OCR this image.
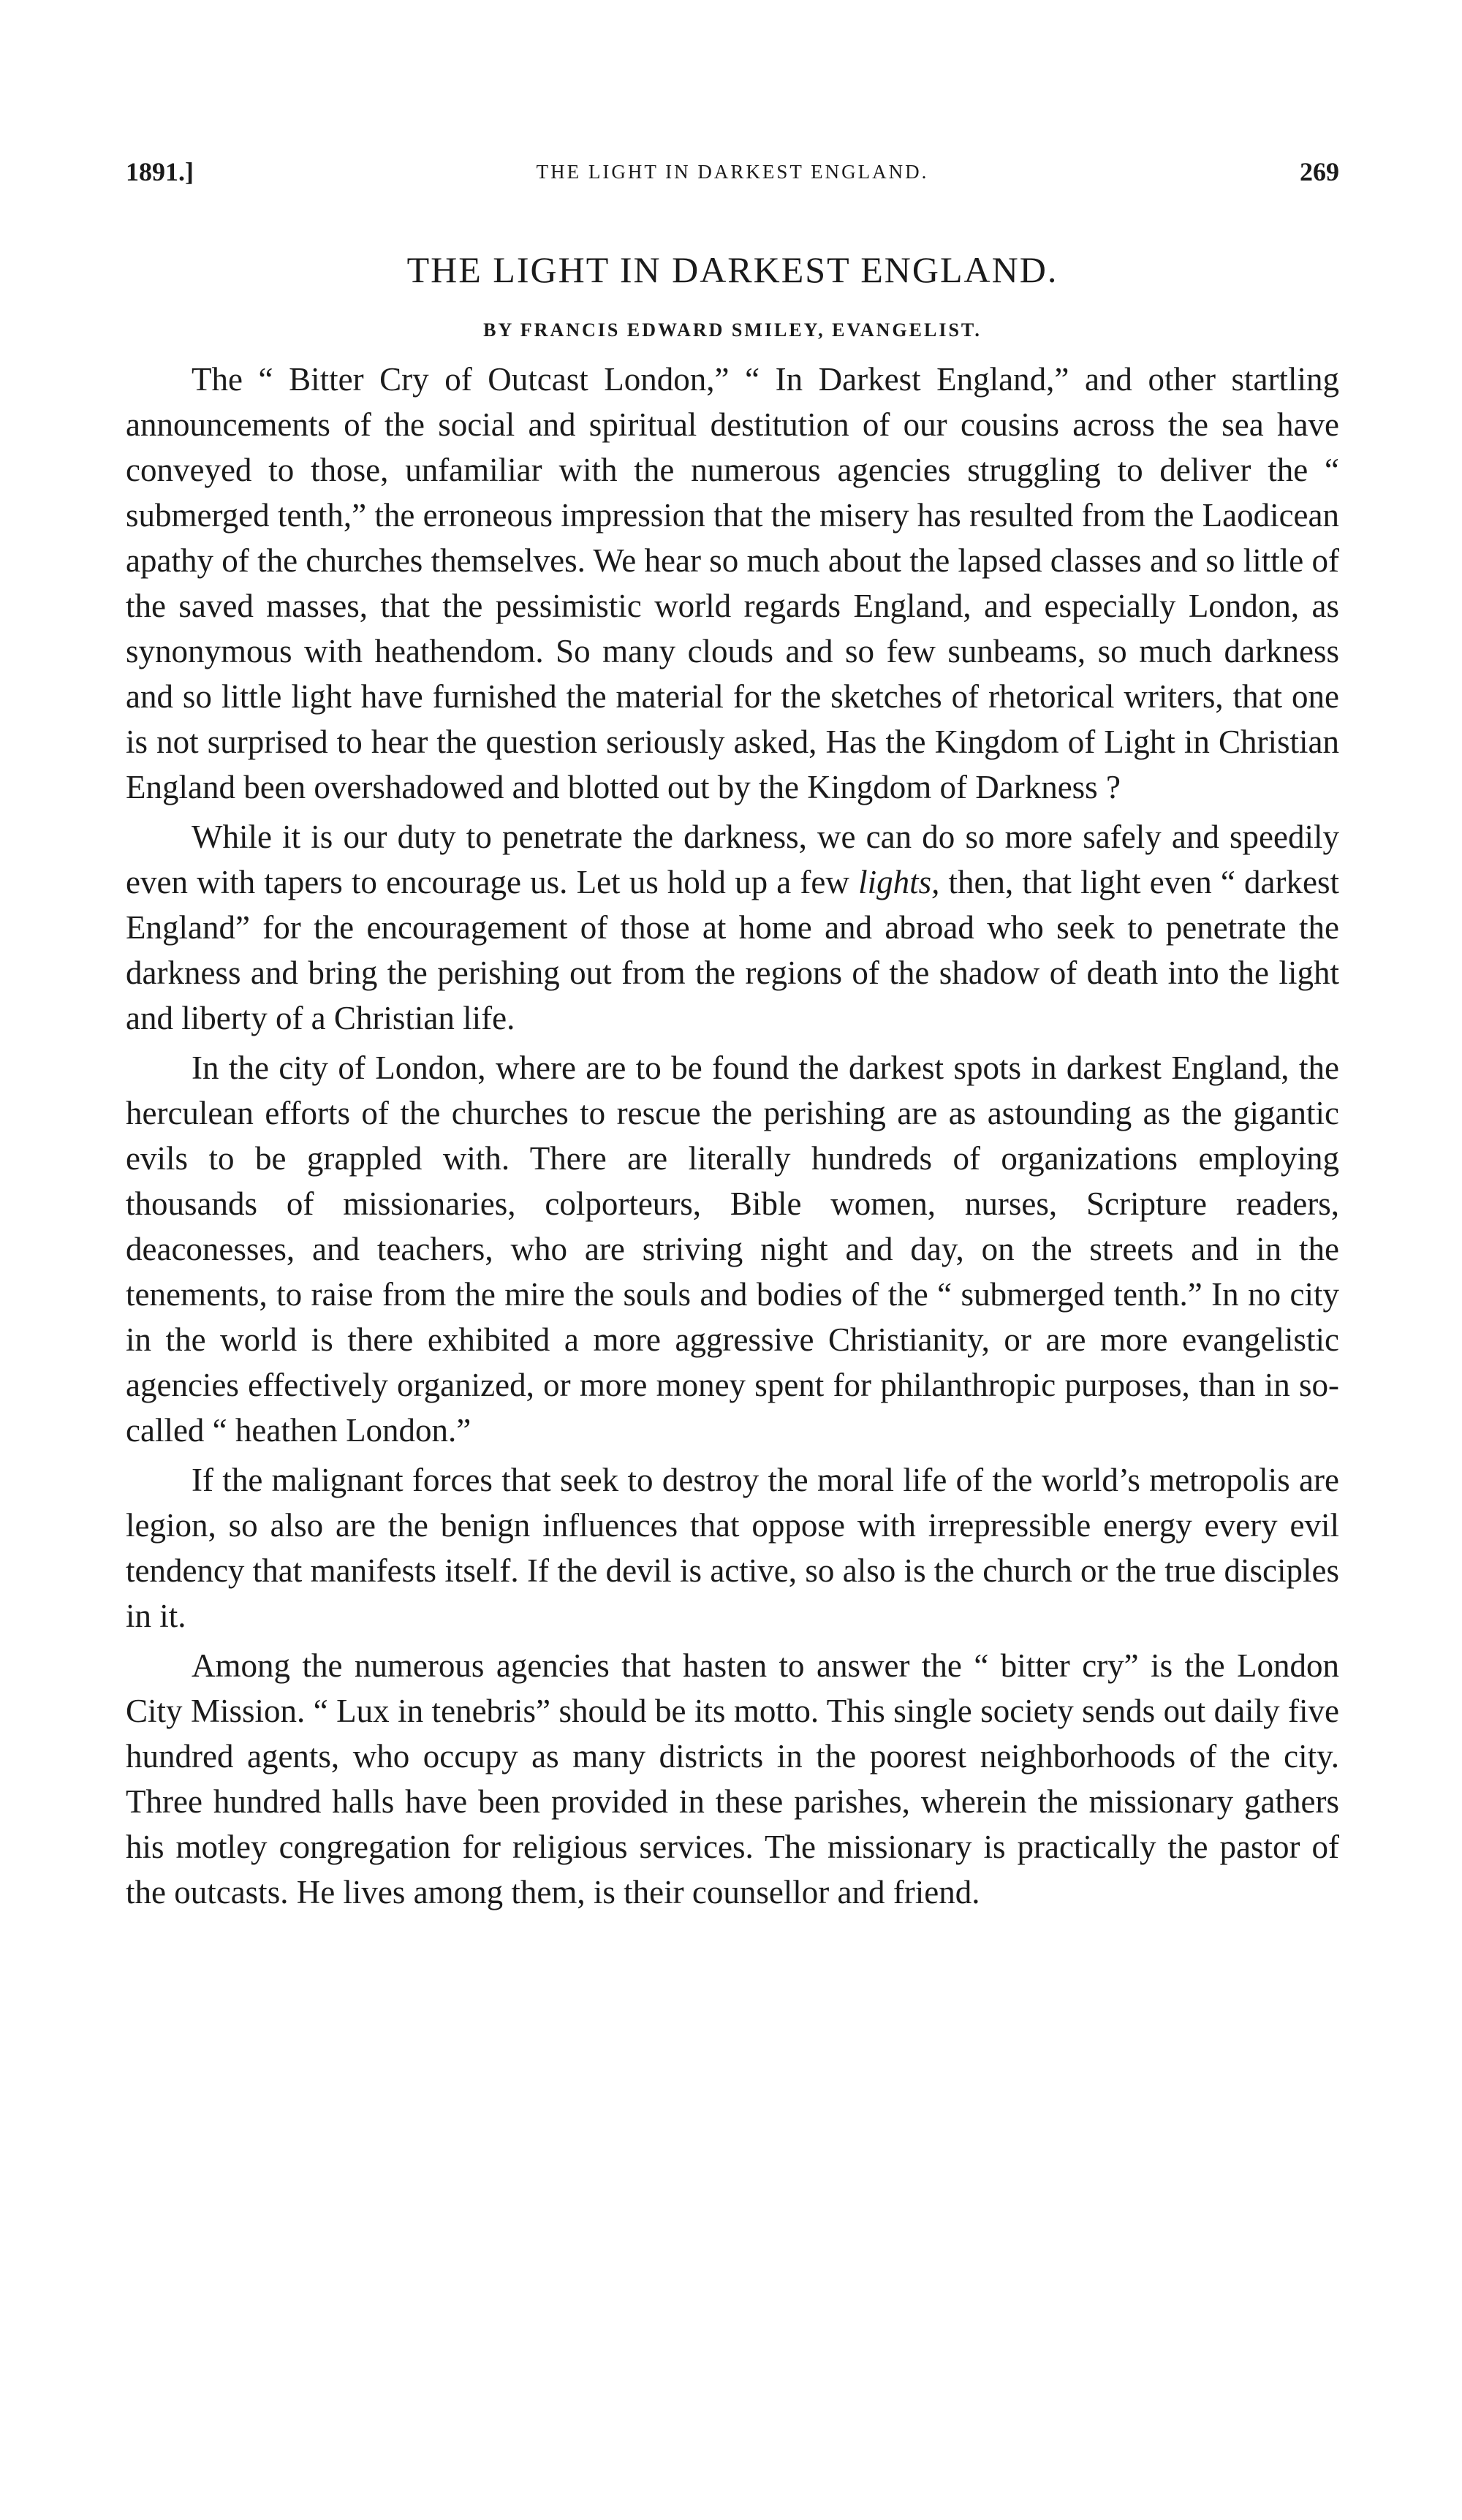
1891.]	THE LIGHT IN DARKEST ENGLAND.	269
THE LIGHT IN DARKEST ENGLAND.
BY FRANCIS EDWARD SMILEY, EVANGELIST.

The “ Bitter Cry of Outcast London,” “ In Darkest England,” and other startling announcements of the social and spiritual destitution of our cousins across the sea have conveyed to those, unfamiliar with the numerous agencies struggling to deliver the “ submerged tenth,” the erroneous impression that the misery has resulted from the Laodicean apathy of the churches themselves. We hear so much about the lapsed classes and so little of the saved masses, that the pessimistic world regards England, and especially London, as synonymous with heathendom. So many clouds and so few sunbeams, so much darkness and so little light have furnished the material for the sketches of rhetorical writers, that one is not surprised to hear the question seriously asked, Has the Kingdom of Light in Christian England been overshadowed and blotted out by the Kingdom of Darkness ?

While it is our duty to penetrate the darkness, we can do so more safely and speedily even with tapers to encourage us. Let us hold up a few lights, then, that light even “ darkest England” for the encouragement of those at home and abroad who seek to penetrate the darkness and bring the perishing out from the regions of the shadow of death into the light and liberty of a Christian life.

In the city of London, where are to be found the darkest spots in darkest England, the herculean efforts of the churches to rescue the perishing are as astounding as the gigantic evils to be grappled with. There are literally hundreds of organizations employing thousands of missionaries, colporteurs, Bible women, nurses, Scripture readers, deaconesses, and teachers, who are striving night and day, on the streets and in the tenements, to raise from the mire the souls and bodies of the “ submerged tenth.” In no city in the world is there exhibited a more aggressive Christianity, or are more evangelistic agencies effectively organized, or more money spent for philanthropic purposes, than in so-called “ heathen London.”

If the malignant forces that seek to destroy the moral life of the world’s metropolis are legion, so also are the benign influences that oppose with irrepressible energy every evil tendency that manifests itself. If the devil is active, so also is the church or the true disciples in it.

Among the numerous agencies that hasten to answer the “ bitter cry” is the London City Mission. “ Lux in tenebris” should be its motto. This single society sends out daily five hundred agents, who occupy as many districts in the poorest neighborhoods of the city. Three hundred halls have been provided in these parishes, wherein the missionary gathers his motley congregation for religious services. The missionary is practically the pastor of the outcasts. He lives among them, is their counsellor and friend.
